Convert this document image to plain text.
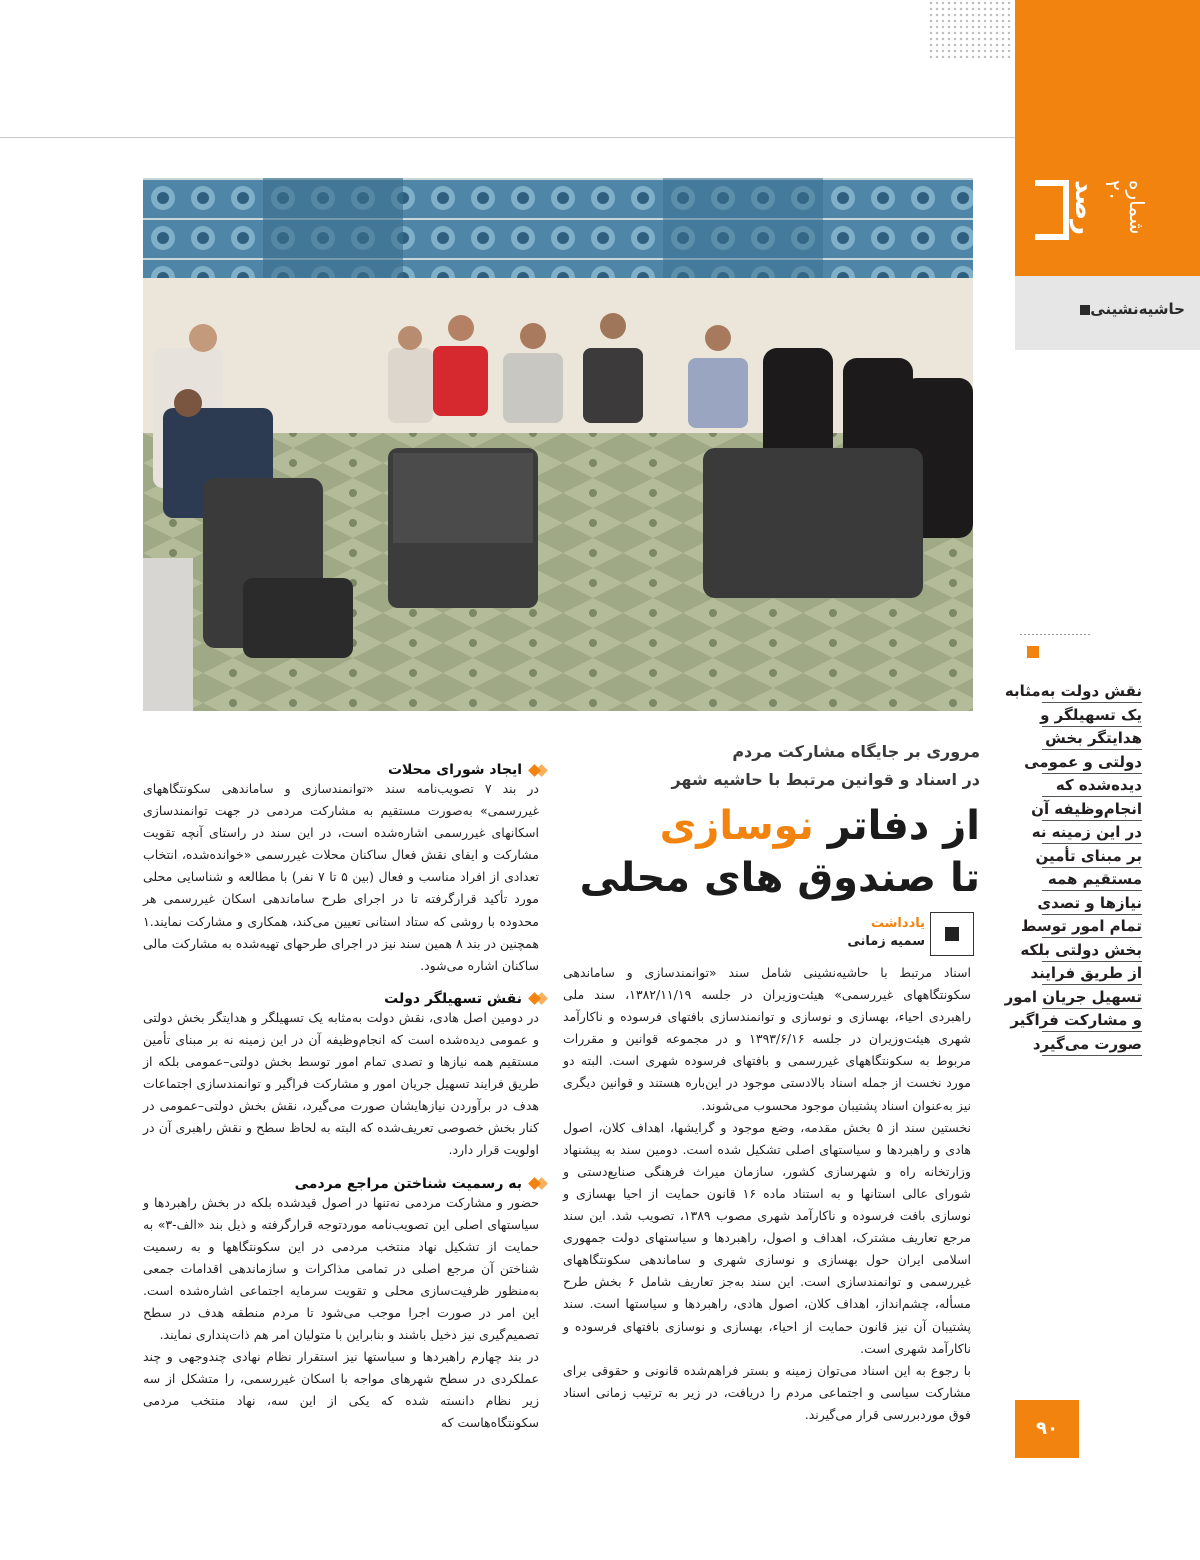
رصد	شماره ۲۰
حاشیه‌نشینی
نقش دولت به‌مثابه
یک تسهیلگر و
هدایتگر بخش
دولتی و عمومی
دیده‌شده که
انجام‌وظیفه آن
در این زمینه نه
بر مبنای تأمین
مستقیم همه
نیازها و تصدی
تمام امور توسط
بخش دولتی بلکه
از طریق فرایند
تسهیل جریان امور
و مشارکت فراگیر
صورت می‌گیرد
مروری بر جایگاه مشارکت مردم
در اسناد و قوانین مرتبط با حاشیه شهر
از دفاتر نوسازی
تا صندوق های محلی
یادداشت
سمیه زمانی

اسناد مرتبط با حاشیه‌نشینی شامل سند «توانمندسازی و ساماندهی سکونتگاههای غیررسمی» هیئت‌وزیران در جلسه ۱۳۸۲/۱۱/۱۹، سند ملی راهبردی احیاء، بهسازی و نوسازی و توانمندسازی بافتهای فرسوده و ناکارآمد شهری هیئت‌وزیران در جلسه ۱۳۹۳/۶/۱۶ و در مجموعه قوانین و مقررات مربوط به سکونتگاههای غیررسمی و بافتهای فرسوده شهری است. البته دو مورد نخست از جمله اسناد بالادستی موجود در این‌باره هستند و قوانین دیگری نیز به‌عنوان اسناد پشتیبان موجود محسوب می‌شوند.

نخستین سند از ۵ بخش مقدمه، وضع موجود و گرایشها، اهداف کلان، اصول هادی و راهبردها و سیاستهای اصلی تشکیل شده است. دومین سند به پیشنهاد وزارتخانه راه و شهرسازی کشور، سازمان میراث فرهنگی صنایع‌دستی و شورای عالی استانها و به استناد ماده ۱۶ قانون حمایت از احیا بهسازی و نوسازی بافت فرسوده و ناکارآمد شهری مصوب ۱۳۸۹، تصویب شد. این سند مرجع تعاریف مشترک، اهداف و اصول، راهبردها و سیاستهای دولت جمهوری اسلامی ایران حول بهسازی و نوسازی شهری و ساماندهی سکونتگاههای غیررسمی و توانمندسازی است. این سند به‌جز تعاریف شامل ۶ بخش طرح مسأله، چشم‌انداز، اهداف کلان، اصول هادی، راهبردها و سیاستها است. سند پشتیبان آن نیز قانون حمایت از احیاء، بهسازی و نوسازی بافتهای فرسوده و ناکارآمد شهری است.

با رجوع به این اسناد می‌توان زمینه و بستر فراهم‌شده قانونی و حقوقی برای مشارکت سیاسی و اجتماعی مردم را دریافت، در زیر به ترتیب زمانی اسناد فوق موردبررسی قرار می‌گیرند.

ایجاد شورای محلات

در بند ۷ تصویب‌نامه سند «توانمندسازی و ساماندهی سکونتگاههای غیررسمی» به‌صورت مستقیم به مشارکت مردمی در جهت توانمندسازی اسکانهای غیررسمی اشاره‌شده است، در این سند در راستای آنچه تقویت مشارکت و ایفای نقش فعال ساکنان محلات غیررسمی «خوانده‌شده، انتخاب تعدادی از افراد مناسب و فعال (بین ۵ تا ۷ نفر) با مطالعه و شناسایی محلی مورد تأکید قرارگرفته تا در اجرای طرح ساماندهی اسکان غیررسمی هر محدوده با روشی که ستاد استانی تعیین می‌کند، همکاری و مشارکت نمایند.۱ همچنین در بند ۸ همین سند نیز در اجرای طرحهای تهیه‌شده به مشارکت مالی ساکنان اشاره می‌شود.

نقش تسهیلگر دولت

در دومین اصل هادی، نقش دولت به‌مثابه یک تسهیلگر و هدایتگر بخش دولتی و عمومی دیده‌شده است که انجام‌وظیفه آن در این زمینه نه بر مبنای تأمین مستقیم همه نیازها و تصدی تمام امور توسط بخش دولتی–عمومی بلکه از طریق فرایند تسهیل جریان امور و مشارکت فراگیر و توانمندسازی اجتماعات هدف در برآوردن نیازهایشان صورت می‌گیرد، نقش بخش دولتی–عمومی در کنار بخش خصوصی تعریف‌شده که البته به لحاظ سطح و نقش راهبری آن در اولویت قرار دارد.

به رسمیت شناختن مراجع مردمی

حضور و مشارکت مردمی نه‌تنها در اصول قیدشده بلکه در بخش راهبردها و سیاستهای اصلی این تصویب‌نامه موردتوجه قرارگرفته و ذیل بند «الف-۳» به حمایت از تشکیل نهاد منتخب مردمی در این سکونتگاهها و به رسمیت شناختن آن مرجع اصلی در تمامی مذاکرات و سازماندهی اقدامات جمعی به‌منظور ظرفیت‌سازی محلی و تقویت سرمایه اجتماعی اشاره‌شده است. این امر در صورت اجرا موجب می‌شود تا مردم منطقه هدف در سطح تصمیم‌گیری نیز دخیل باشند و بنابراین با متولیان امر هم ذات‌پنداری نمایند.

در بند چهارم راهبردها و سیاستها نیز استقرار نظام نهادی چندوجهی و چند عملکردی در سطح شهرهای مواجه با اسکان غیررسمی، را متشکل از سه زیر نظام دانسته شده که یکی از این سه، نهاد منتخب مردمی سکونتگاه‌هاست که	۹۰
